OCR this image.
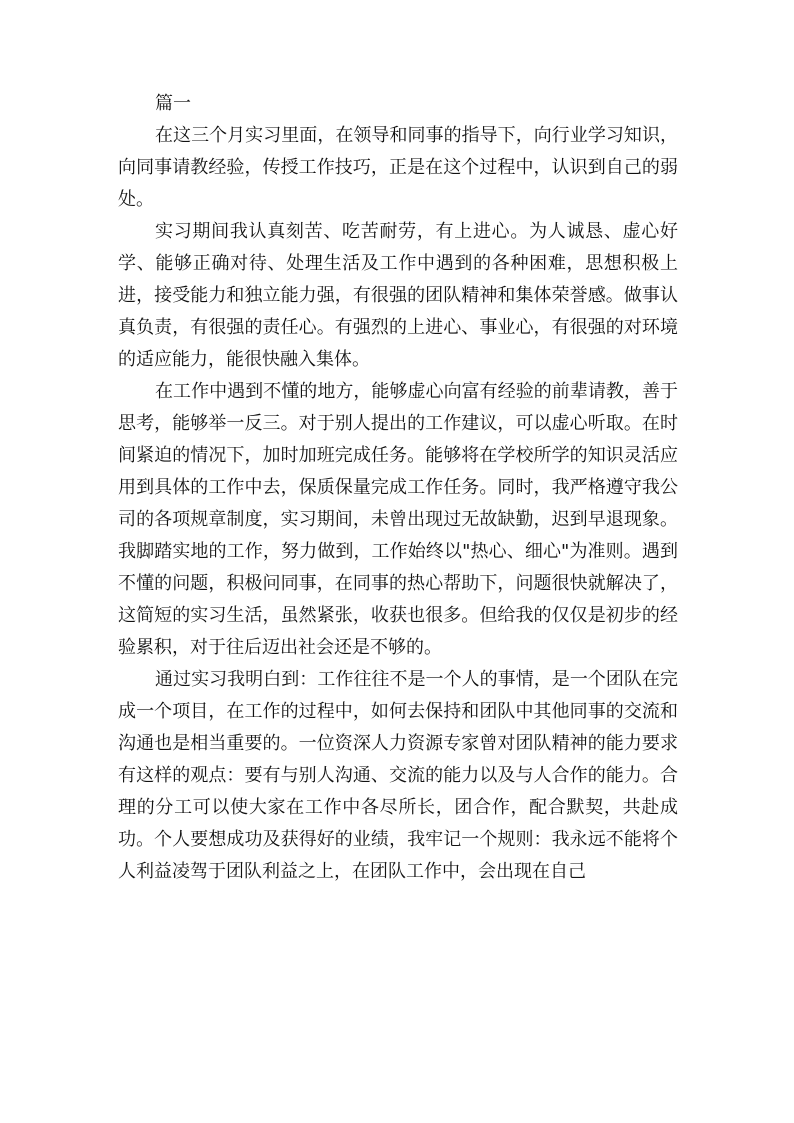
篇一

在这三个月实习里面，在领导和同事的指导下，向行业学习知识，向同事请教经验，传授工作技巧，正是在这个过程中，认识到自己的弱处。

实习期间我认真刻苦、吃苦耐劳，有上进心。为人诚恳、虚心好学、能够正确对待、处理生活及工作中遇到的各种困难，思想积极上进，接受能力和独立能力强，有很强的团队精神和集体荣誉感。做事认真负责，有很强的责任心。有强烈的上进心、事业心，有很强的对环境的适应能力，能很快融入集体。

在工作中遇到不懂的地方，能够虚心向富有经验的前辈请教，善于思考，能够举一反三。对于别人提出的工作建议，可以虚心听取。在时间紧迫的情况下，加时加班完成任务。能够将在学校所学的知识灵活应用到具体的工作中去，保质保量完成工作任务。同时，我严格遵守我公司的各项规章制度，实习期间，未曾出现过无故缺勤，迟到早退现象。我脚踏实地的工作，努力做到，工作始终以"热心、细心"为准则。遇到不懂的问题，积极问同事，在同事的热心帮助下，问题很快就解决了，这简短的实习生活，虽然紧张，收获也很多。但给我的仅仅是初步的经验累积，对于往后迈出社会还是不够的。

通过实习我明白到：工作往往不是一个人的事情，是一个团队在完成一个项目，在工作的过程中，如何去保持和团队中其他同事的交流和沟通也是相当重要的。一位资深人力资源专家曾对团队精神的能力要求有这样的观点：要有与别人沟通、交流的能力以及与人合作的能力。合理的分工可以使大家在工作中各尽所长，团合作，配合默契，共赴成功。个人要想成功及获得好的业绩，我牢记一个规则：我永远不能将个人利益凌驾于团队利益之上，在团队工作中，会出现在自己
